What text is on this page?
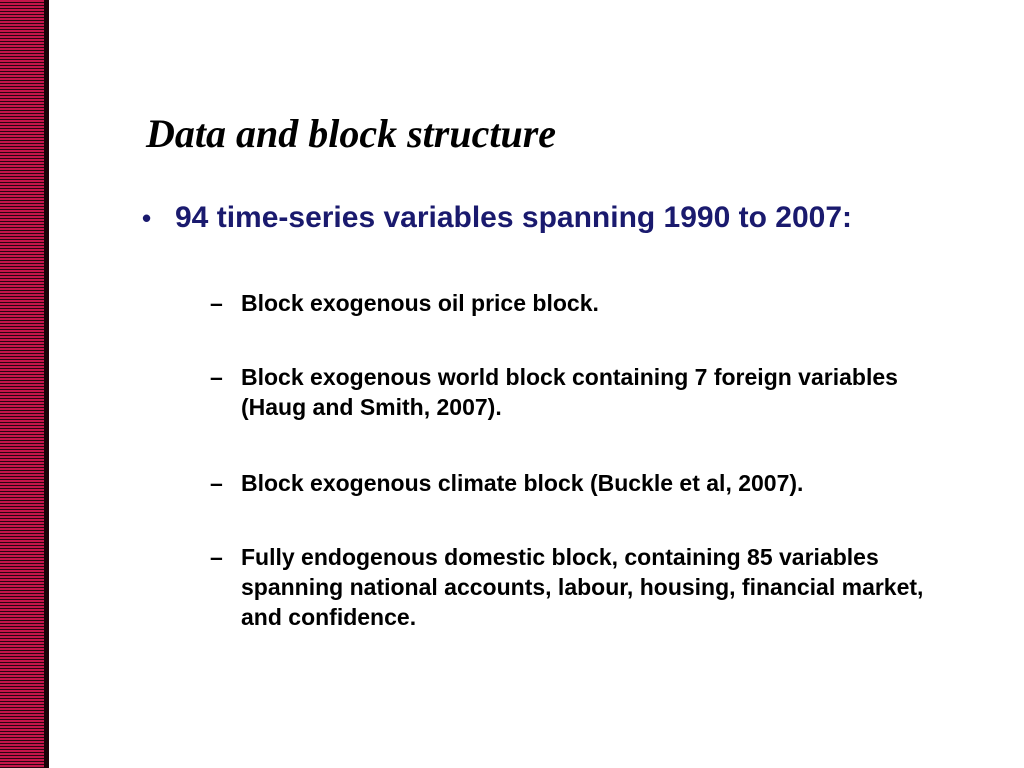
Data and block structure
• 94 time-series variables spanning 1990 to 2007:
– Block exogenous oil price block.
– Block exogenous world block containing 7 foreign variables (Haug and Smith, 2007).
– Block exogenous climate block (Buckle et al, 2007).
– Fully endogenous domestic block, containing 85 variables spanning national accounts, labour, housing, financial market, and confidence.
